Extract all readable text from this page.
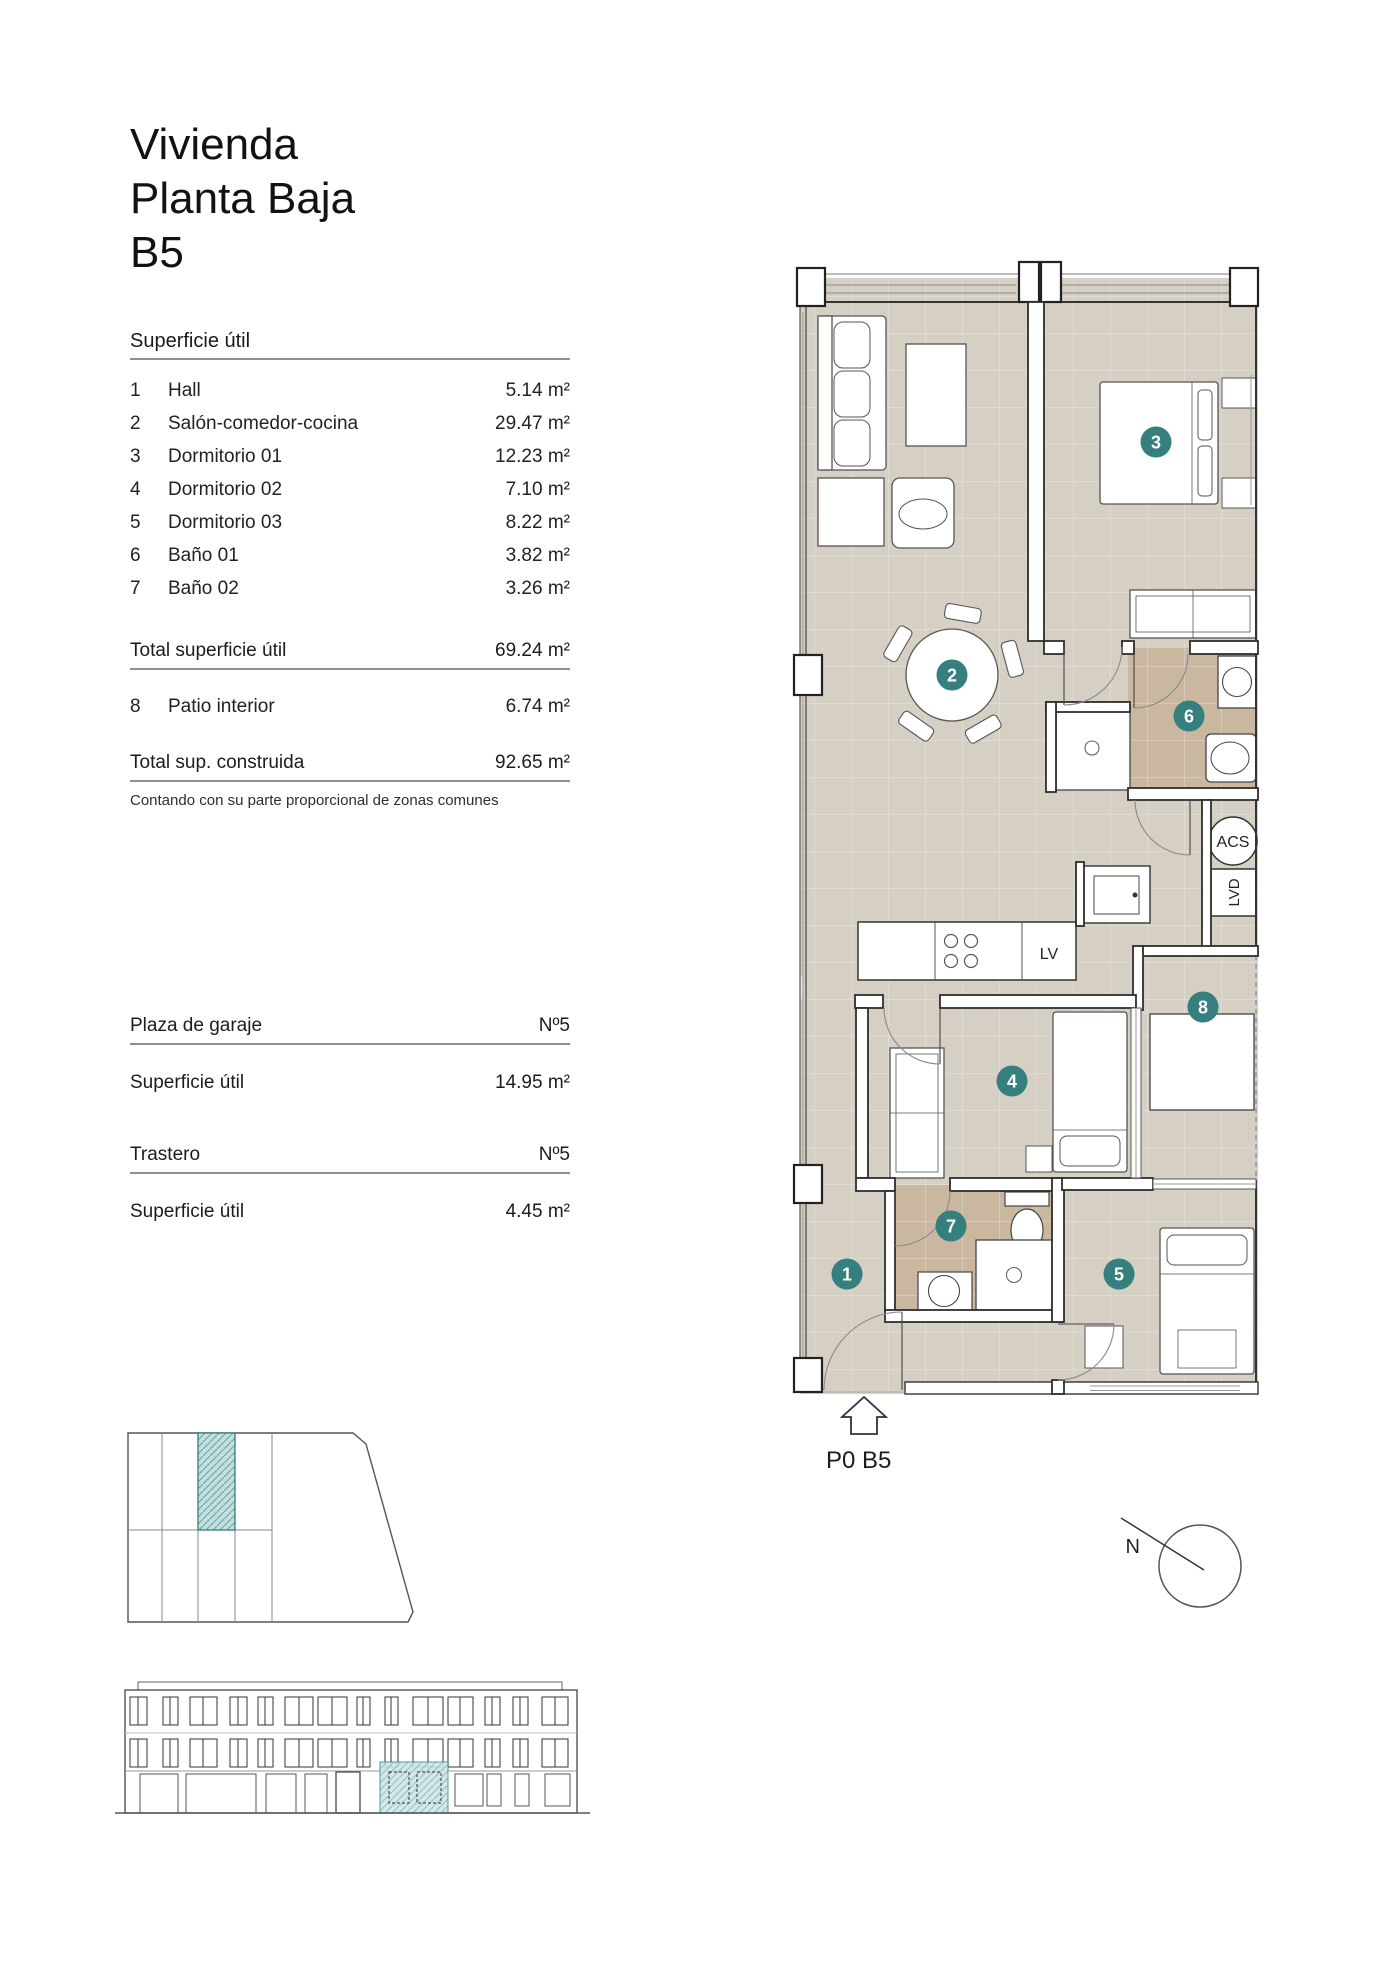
Vivienda
Planta Baja
B5
Superficie útil
1	Hall	5.14 m²
2	Salón-comedor-cocina	29.47 m²
3	Dormitorio 01	12.23 m²
4	Dormitorio 02	7.10 m²
5	Dormitorio 03	8.22 m²
6	Baño 01	3.82 m²
7	Baño 02	3.26 m²
Total superficie útil	69.24 m²
8	Patio interior	6.74 m²
Total sup. construida	92.65 m²
Contando con su parte proporcional de zonas comunes
Plaza de garaje	Nº5
Superficie útil	14.95 m²
Trastero	Nº5
Superficie útil	4.45 m²
rio	LV
ACS
LVD
1
2
3
4
5
6
7
8
P0 B5
N
